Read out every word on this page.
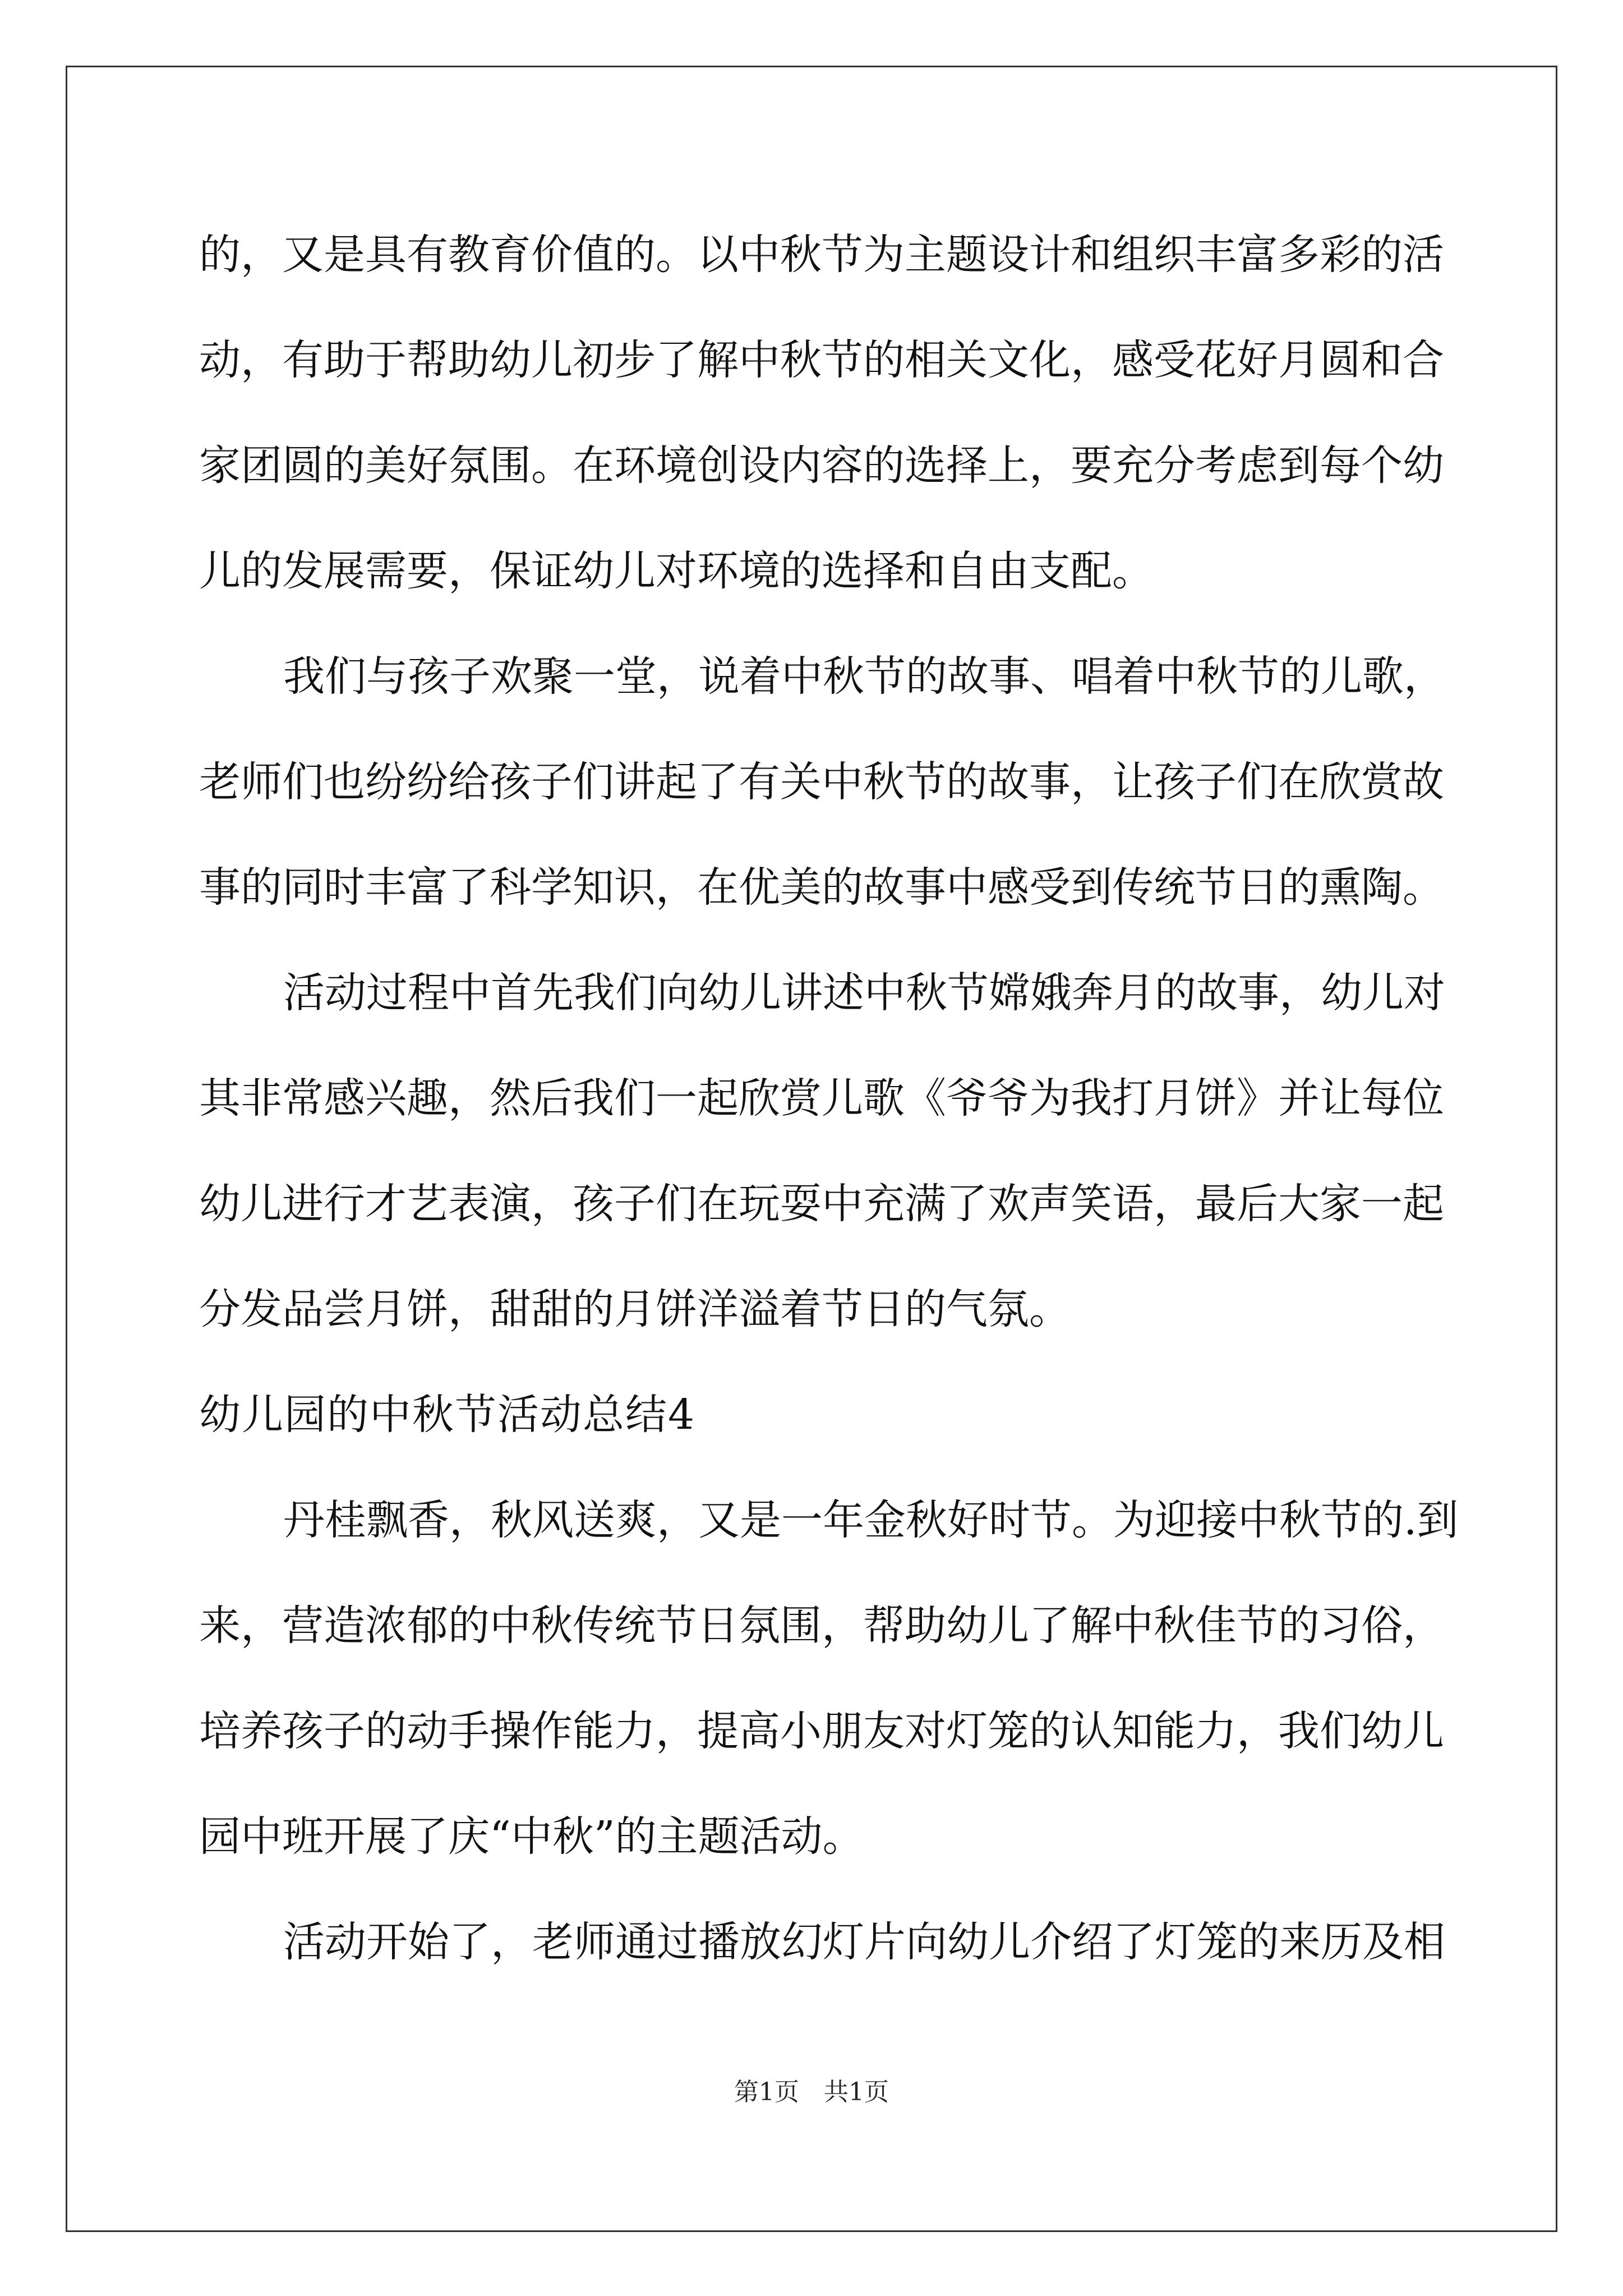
的，又是具有教育价值的。以中秋节为主题设计和组织丰富多彩的活
动，有助于帮助幼儿初步了解中秋节的相关文化，感受花好月圆和合
家团圆的美好氛围。在环境创设内容的选择上，要充分考虑到每个幼
儿的发展需要，保证幼儿对环境的选择和自由支配。
我们与孩子欢聚一堂，说着中秋节的故事、唱着中秋节的儿歌，
老师们也纷纷给孩子们讲起了有关中秋节的故事，让孩子们在欣赏故
事的同时丰富了科学知识，在优美的故事中感受到传统节日的熏陶。
活动过程中首先我们向幼儿讲述中秋节嫦娥奔月的故事，幼儿对
其非常感兴趣，然后我们一起欣赏儿歌《爷爷为我打月饼》并让每位
幼儿进行才艺表演，孩子们在玩耍中充满了欢声笑语，最后大家一起
分发品尝月饼，甜甜的月饼洋溢着节日的气氛。
幼儿园的中秋节活动总结4
丹桂飘香，秋风送爽，又是一年金秋好时节。为迎接中秋节的.到
来，营造浓郁的中秋传统节日氛围，帮助幼儿了解中秋佳节的习俗，
培养孩子的动手操作能力，提高小朋友对灯笼的认知能力，我们幼儿
园中班开展了庆“中秋”的主题活动。
活动开始了，老师通过播放幻灯片向幼儿介绍了灯笼的来历及相
第1页　共1页
